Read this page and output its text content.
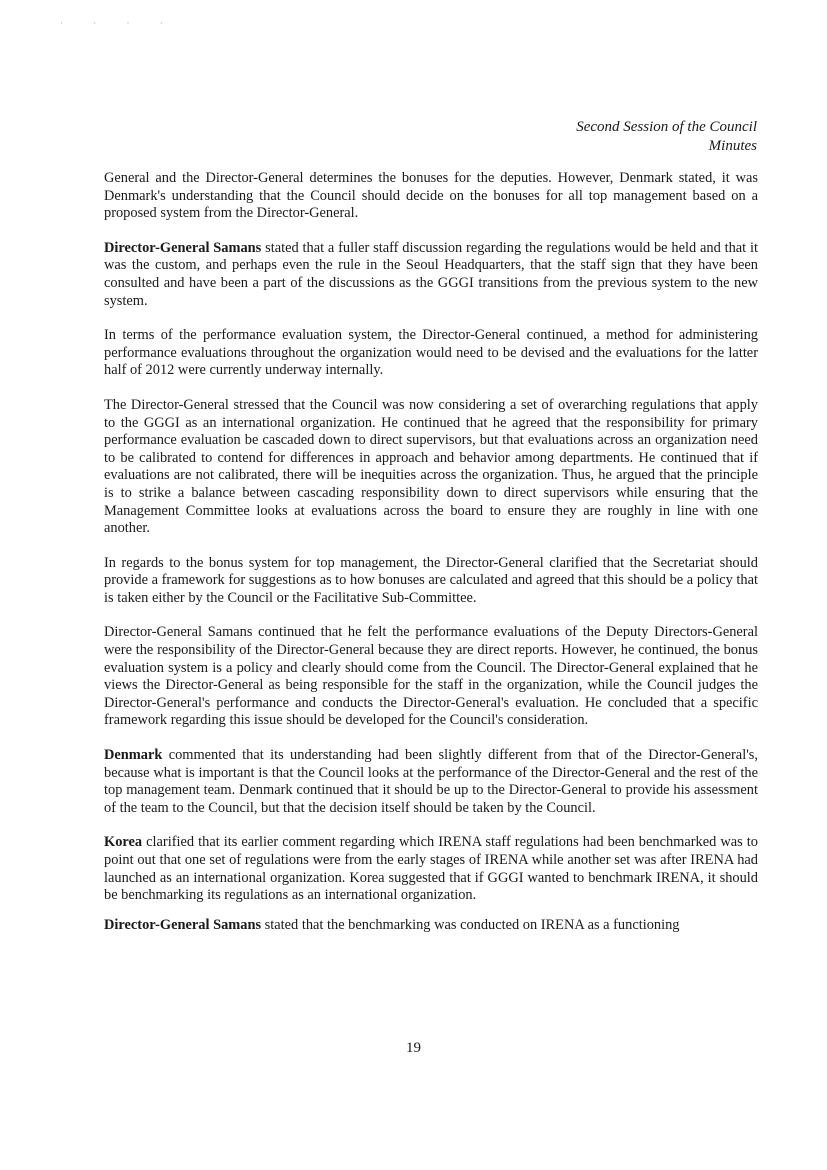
· · · ·
Second Session of the Council
Minutes

General and the Director-General determines the bonuses for the deputies. However, Denmark stated, it was Denmark's understanding that the Council should decide on the bonuses for all top management based on a proposed system from the Director-General.

Director-General Samans stated that a fuller staff discussion regarding the regulations would be held and that it was the custom, and perhaps even the rule in the Seoul Headquarters, that the staff sign that they have been consulted and have been a part of the discussions as the GGGI transitions from the previous system to the new system.

In terms of the performance evaluation system, the Director-General continued, a method for administering performance evaluations throughout the organization would need to be devised and the evaluations for the latter half of 2012 were currently underway internally.

The Director-General stressed that the Council was now considering a set of overarching regulations that apply to the GGGI as an international organization. He continued that he agreed that the responsibility for primary performance evaluation be cascaded down to direct supervisors, but that evaluations across an organization need to be calibrated to contend for differences in approach and behavior among departments. He continued that if evaluations are not calibrated, there will be inequities across the organization. Thus, he argued that the principle is to strike a balance between cascading responsibility down to direct supervisors while ensuring that the Management Committee looks at evaluations across the board to ensure they are roughly in line with one another.

In regards to the bonus system for top management, the Director-General clarified that the Secretariat should provide a framework for suggestions as to how bonuses are calculated and agreed that this should be a policy that is taken either by the Council or the Facilitative Sub-Committee.

Director-General Samans continued that he felt the performance evaluations of the Deputy Directors-General were the responsibility of the Director-General because they are direct reports. However, he continued, the bonus evaluation system is a policy and clearly should come from the Council. The Director-General explained that he views the Director-General as being responsible for the staff in the organization, while the Council judges the Director-General's performance and conducts the Director-General's evaluation. He concluded that a specific framework regarding this issue should be developed for the Council's consideration.

Denmark commented that its understanding had been slightly different from that of the Director-General's, because what is important is that the Council looks at the performance of the Director-General and the rest of the top management team. Denmark continued that it should be up to the Director-General to provide his assessment of the team to the Council, but that the decision itself should be taken by the Council.

Korea clarified that its earlier comment regarding which IRENA staff regulations had been benchmarked was to point out that one set of regulations were from the early stages of IRENA while another set was after IRENA had launched as an international organization. Korea suggested that if GGGI wanted to benchmark IRENA, it should be benchmarking its regulations as an international organization.

Director-General Samans stated that the benchmarking was conducted on IRENA as a functioning

19
